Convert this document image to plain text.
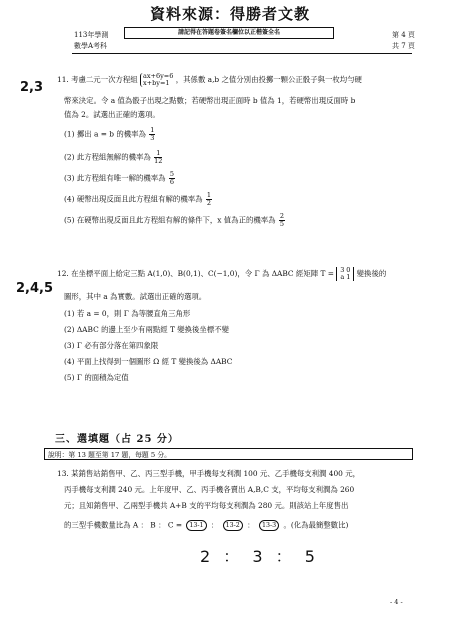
資料來源：得勝者文教
113年學測
數學A考科
請記得在答題卷簽名欄位以正楷簽全名	第 4 頁
共 7 頁
2,3
11. 考慮二元一次方程組 ax+6y=6
x+by=1 ，其係數 a,b 之值分別由投擲一顆公正骰子與一枚均勻硬
幣來決定。令 a 值為骰子出現之點數；若硬幣出現正面時 b 值為 1，若硬幣出現反面時 b
值為 2。試選出正確的選項。
(1) 擲出 a = b 的機率為 $\frac{1}{3}$
(2) 此方程組無解的機率為 $\frac{1}{12}$
(3) 此方程組有唯一解的機率為 $\frac{5}{6}$
(4) 硬幣出現反面且此方程組有解的機率為 $\frac{1}{2}$
(5) 在硬幣出現反面且此方程組有解的條件下，x 值為正的機率為 $\frac{2}{5}$
2,4,5
12. 在坐標平面上給定三點 A(1,0)、B(0,1)、C(−1,0)，令 Γ 為 ΔABC 經矩陣 T = 3 0
a 1 變換後的
圖形，其中 a 為實數。試選出正確的選項。
(1) 若 a = 0，則 Γ 為等腰直角三角形
(2) ΔABC 的邊上至少有兩點經 T 變換後坐標不變
(3) Γ 必有部分落在第四象限
(4) 平面上找得到一個圖形 Ω 經 T 變換後為 ΔABC
(5) Γ 的面積為定值
三、選填題（占 25 分）
說明：第 13 題至第 17 題，每題 5 分。
13. 某銷售站銷售甲、乙、丙三型手機，甲手機每支利潤 100 元、乙手機每支利潤 400 元，
丙手機每支利潤 240 元。上年度甲、乙、丙手機各賣出 A,B,C 支，平均每支利潤為 260
元；且知銷售甲、乙兩型手機共 A+B 支的平均每支利潤為 280 元。則該站上年度售出
的三型手機數量比為 A ： B ： C = 13-1 ： 13-2 ： 13-3 。(化為最簡整數比)
2 ： 3 ： 5
- 4 -
